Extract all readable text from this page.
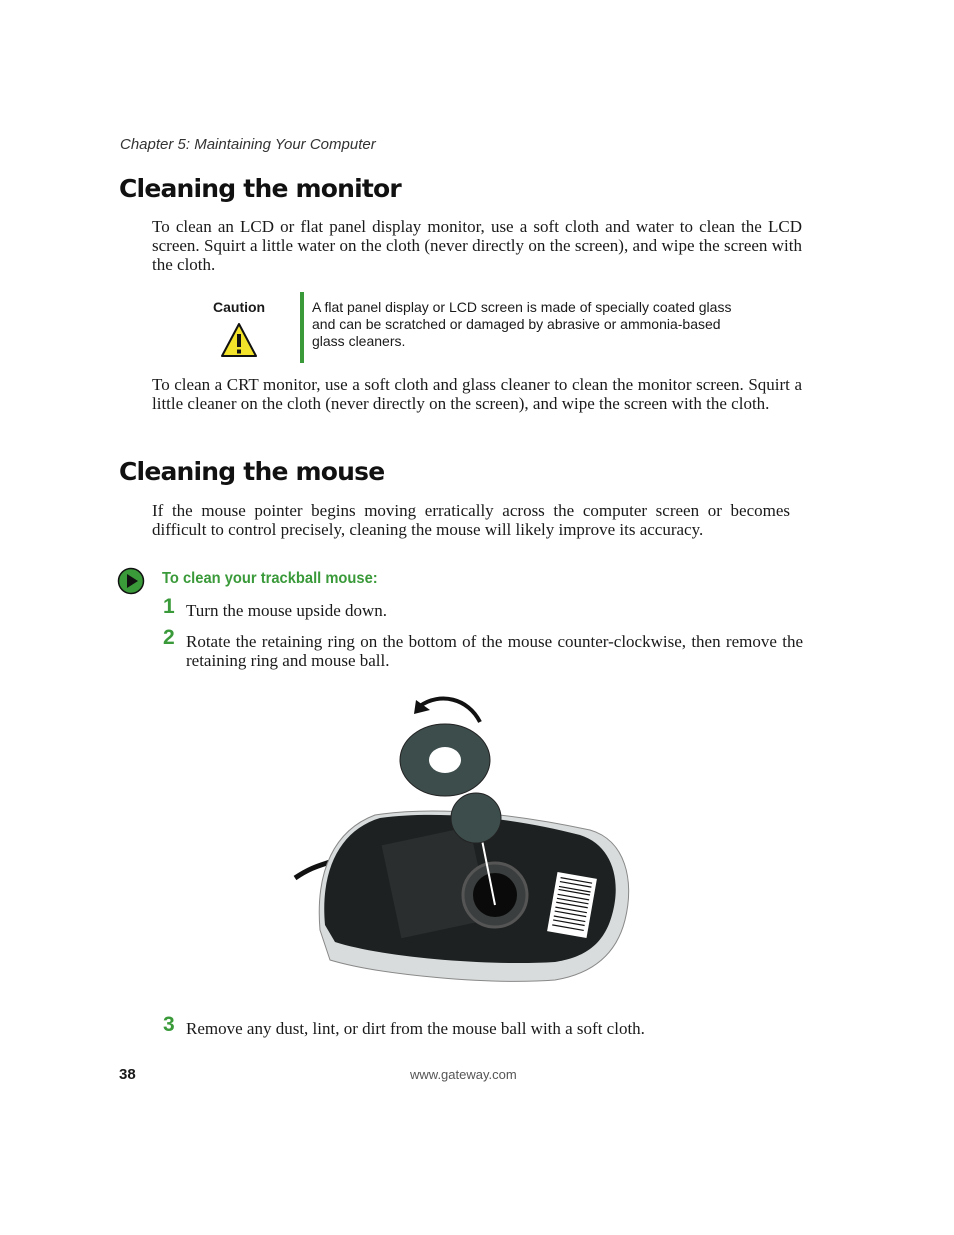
Chapter 5: Maintaining Your Computer
Cleaning the monitor
To clean an LCD or flat panel display monitor, use a soft cloth and water to clean the LCD screen. Squirt a little water on the cloth (never directly on the screen), and wipe the screen with the cloth.
Caution	A flat panel display or LCD screen is made of specially coated glass and can be scratched or damaged by abrasive or ammonia-based glass cleaners.
To clean a CRT monitor, use a soft cloth and glass cleaner to clean the monitor screen. Squirt a little cleaner on the cloth (never directly on the screen), and wipe the screen with the cloth.
Cleaning the mouse
If the mouse pointer begins moving erratically across the computer screen or becomes difficult to control precisely, cleaning the mouse will likely improve its accuracy.
To clean your trackball mouse:
1 Turn the mouse upside down.
2 Rotate the retaining ring on the bottom of the mouse counter-clockwise, then remove the retaining ring and mouse ball.
3 Remove any dust, lint, or dirt from the mouse ball with a soft cloth.
38	www.gateway.com
